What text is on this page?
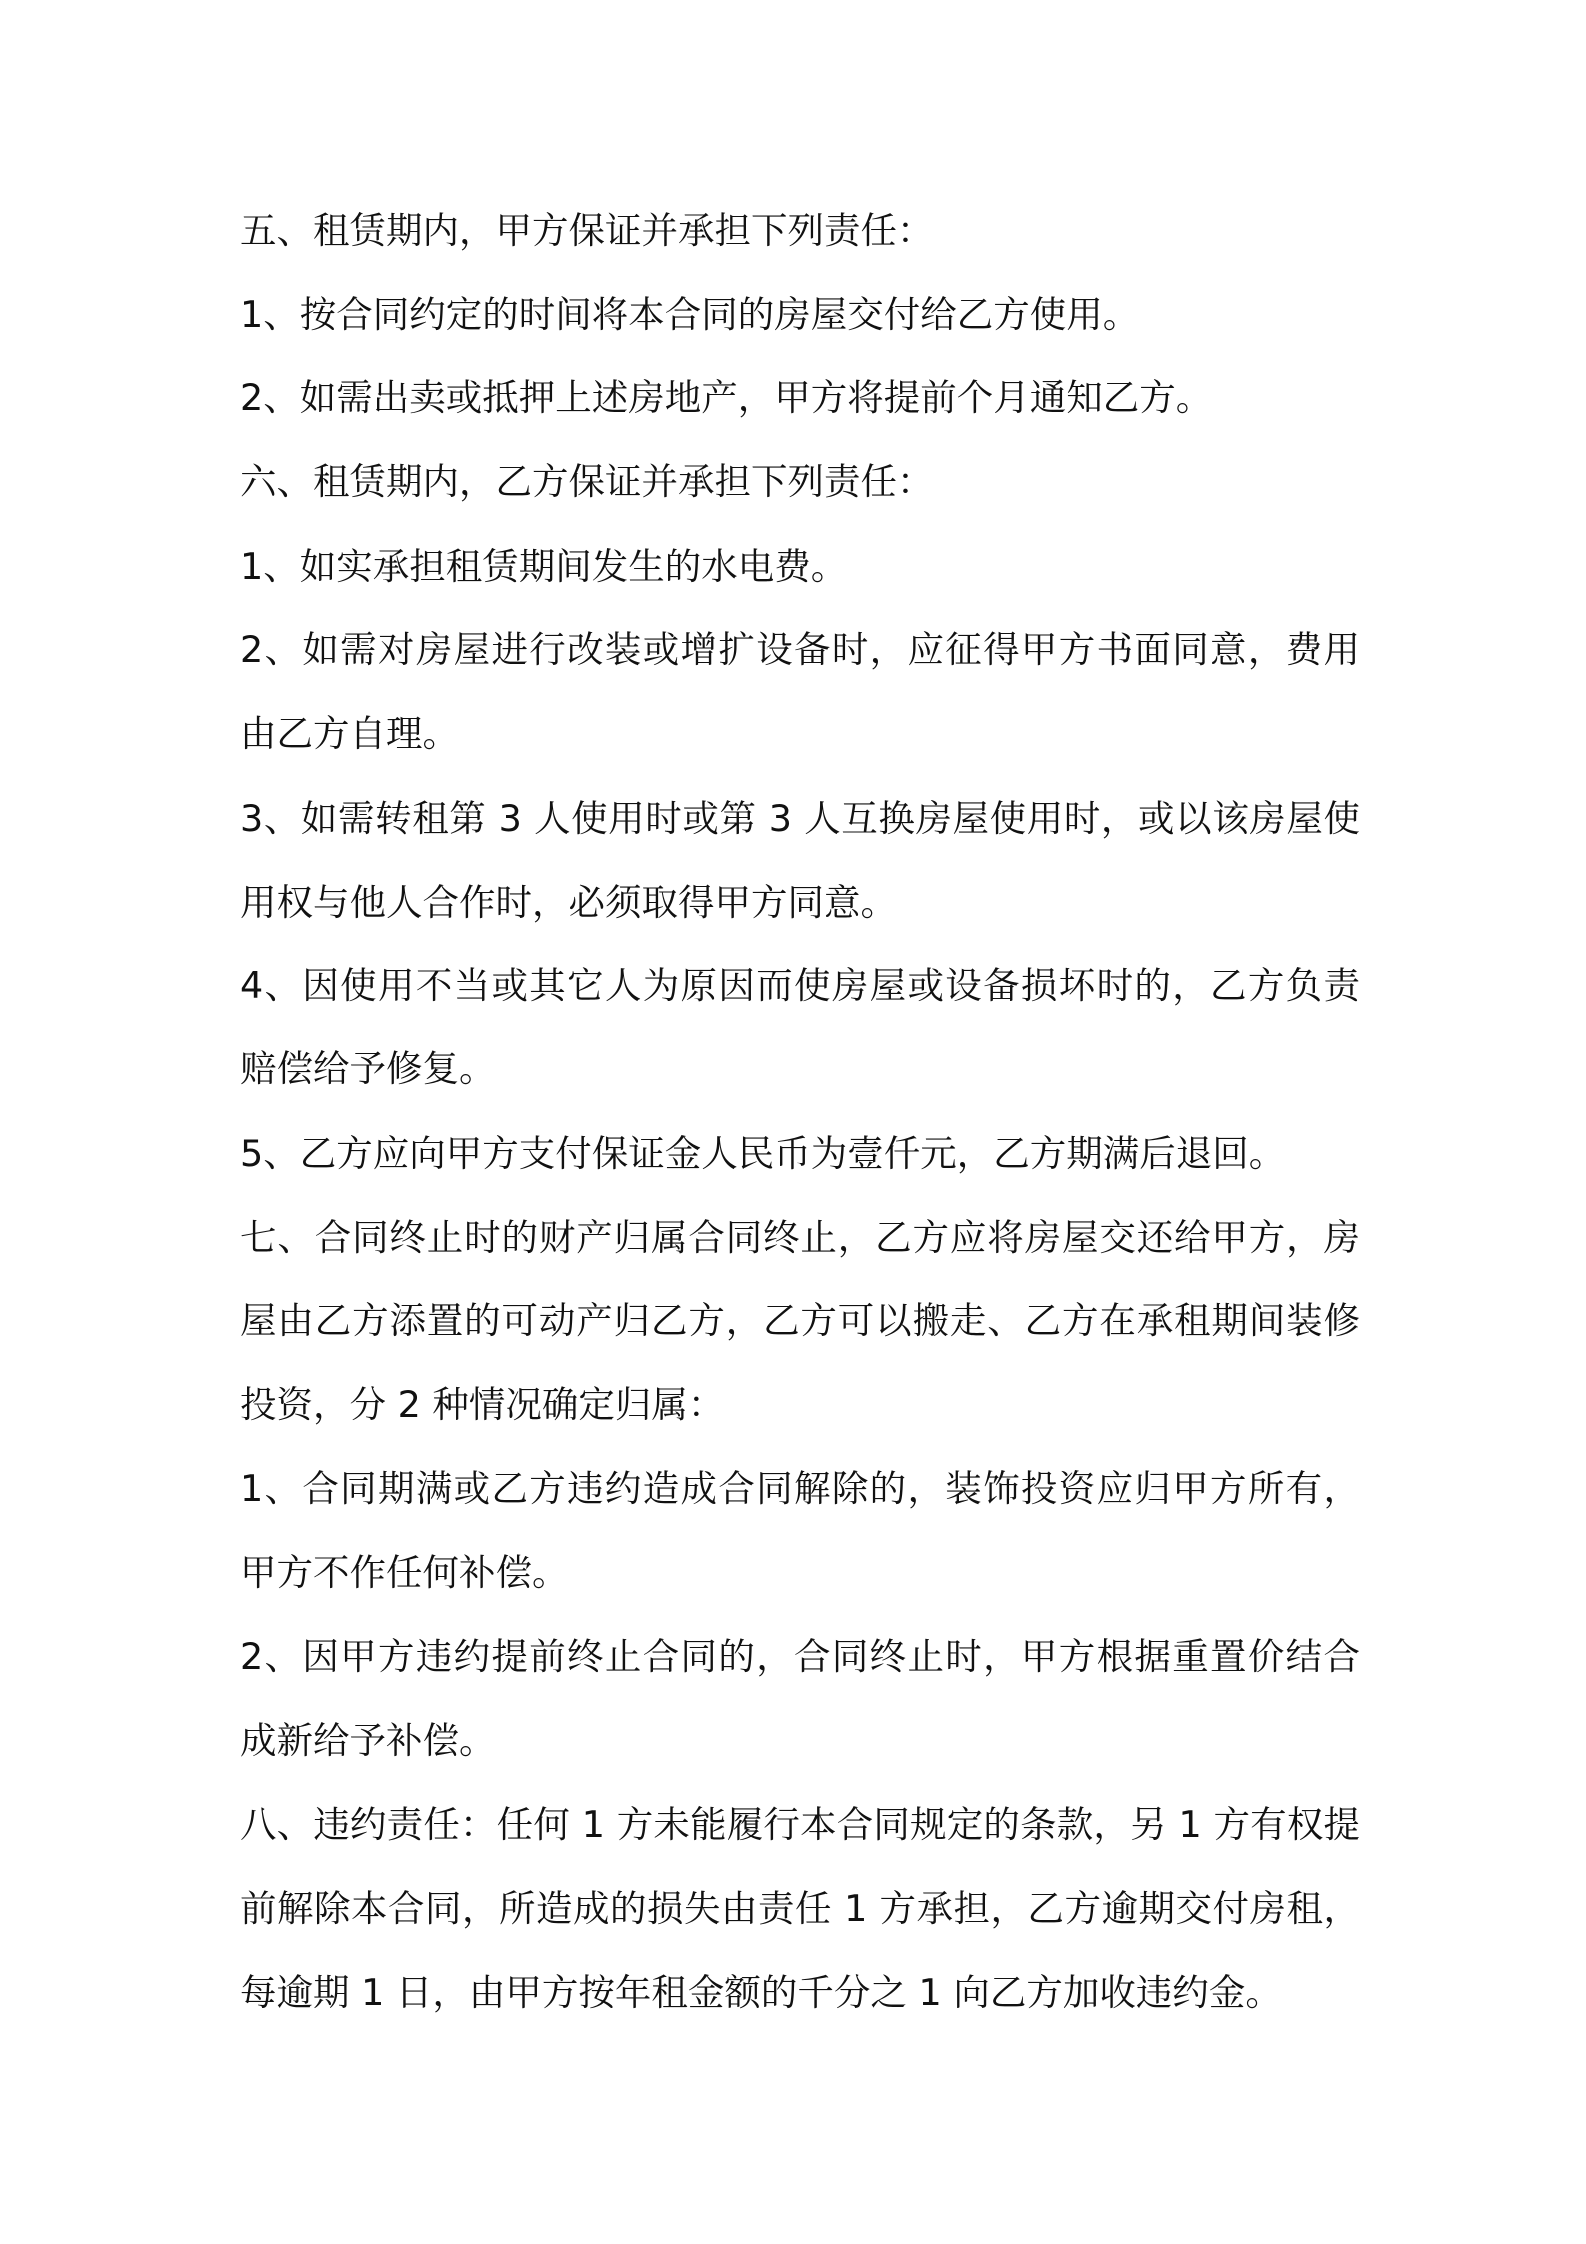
五、租赁期内，甲方保证并承担下列责任：

1、按合同约定的时间将本合同的房屋交付给乙方使用。

2、如需出卖或抵押上述房地产，甲方将提前个月通知乙方。

六、租赁期内，乙方保证并承担下列责任：

1、如实承担租赁期间发生的水电费。

2、如需对房屋进行改装或增扩设备时，应征得甲方书面同意，费用

由乙方自理。

3、如需转租第 3 人使用时或第 3 人互换房屋使用时，或以该房屋使

用权与他人合作时，必须取得甲方同意。

4、因使用不当或其它人为原因而使房屋或设备损坏时的，乙方负责

赔偿给予修复。

5、乙方应向甲方支付保证金人民币为壹仟元，乙方期满后退回。

七、合同终止时的财产归属合同终止，乙方应将房屋交还给甲方，房

屋由乙方添置的可动产归乙方，乙方可以搬走、乙方在承租期间装修

投资，分 2 种情况确定归属：

1、合同期满或乙方违约造成合同解除的，装饰投资应归甲方所有，

甲方不作任何补偿。

2、因甲方违约提前终止合同的，合同终止时，甲方根据重置价结合

成新给予补偿。

八、违约责任：任何 1 方未能履行本合同规定的条款，另 1 方有权提

前解除本合同，所造成的损失由责任 1 方承担，乙方逾期交付房租，

每逾期 1 日，由甲方按年租金额的千分之 1 向乙方加收违约金。
